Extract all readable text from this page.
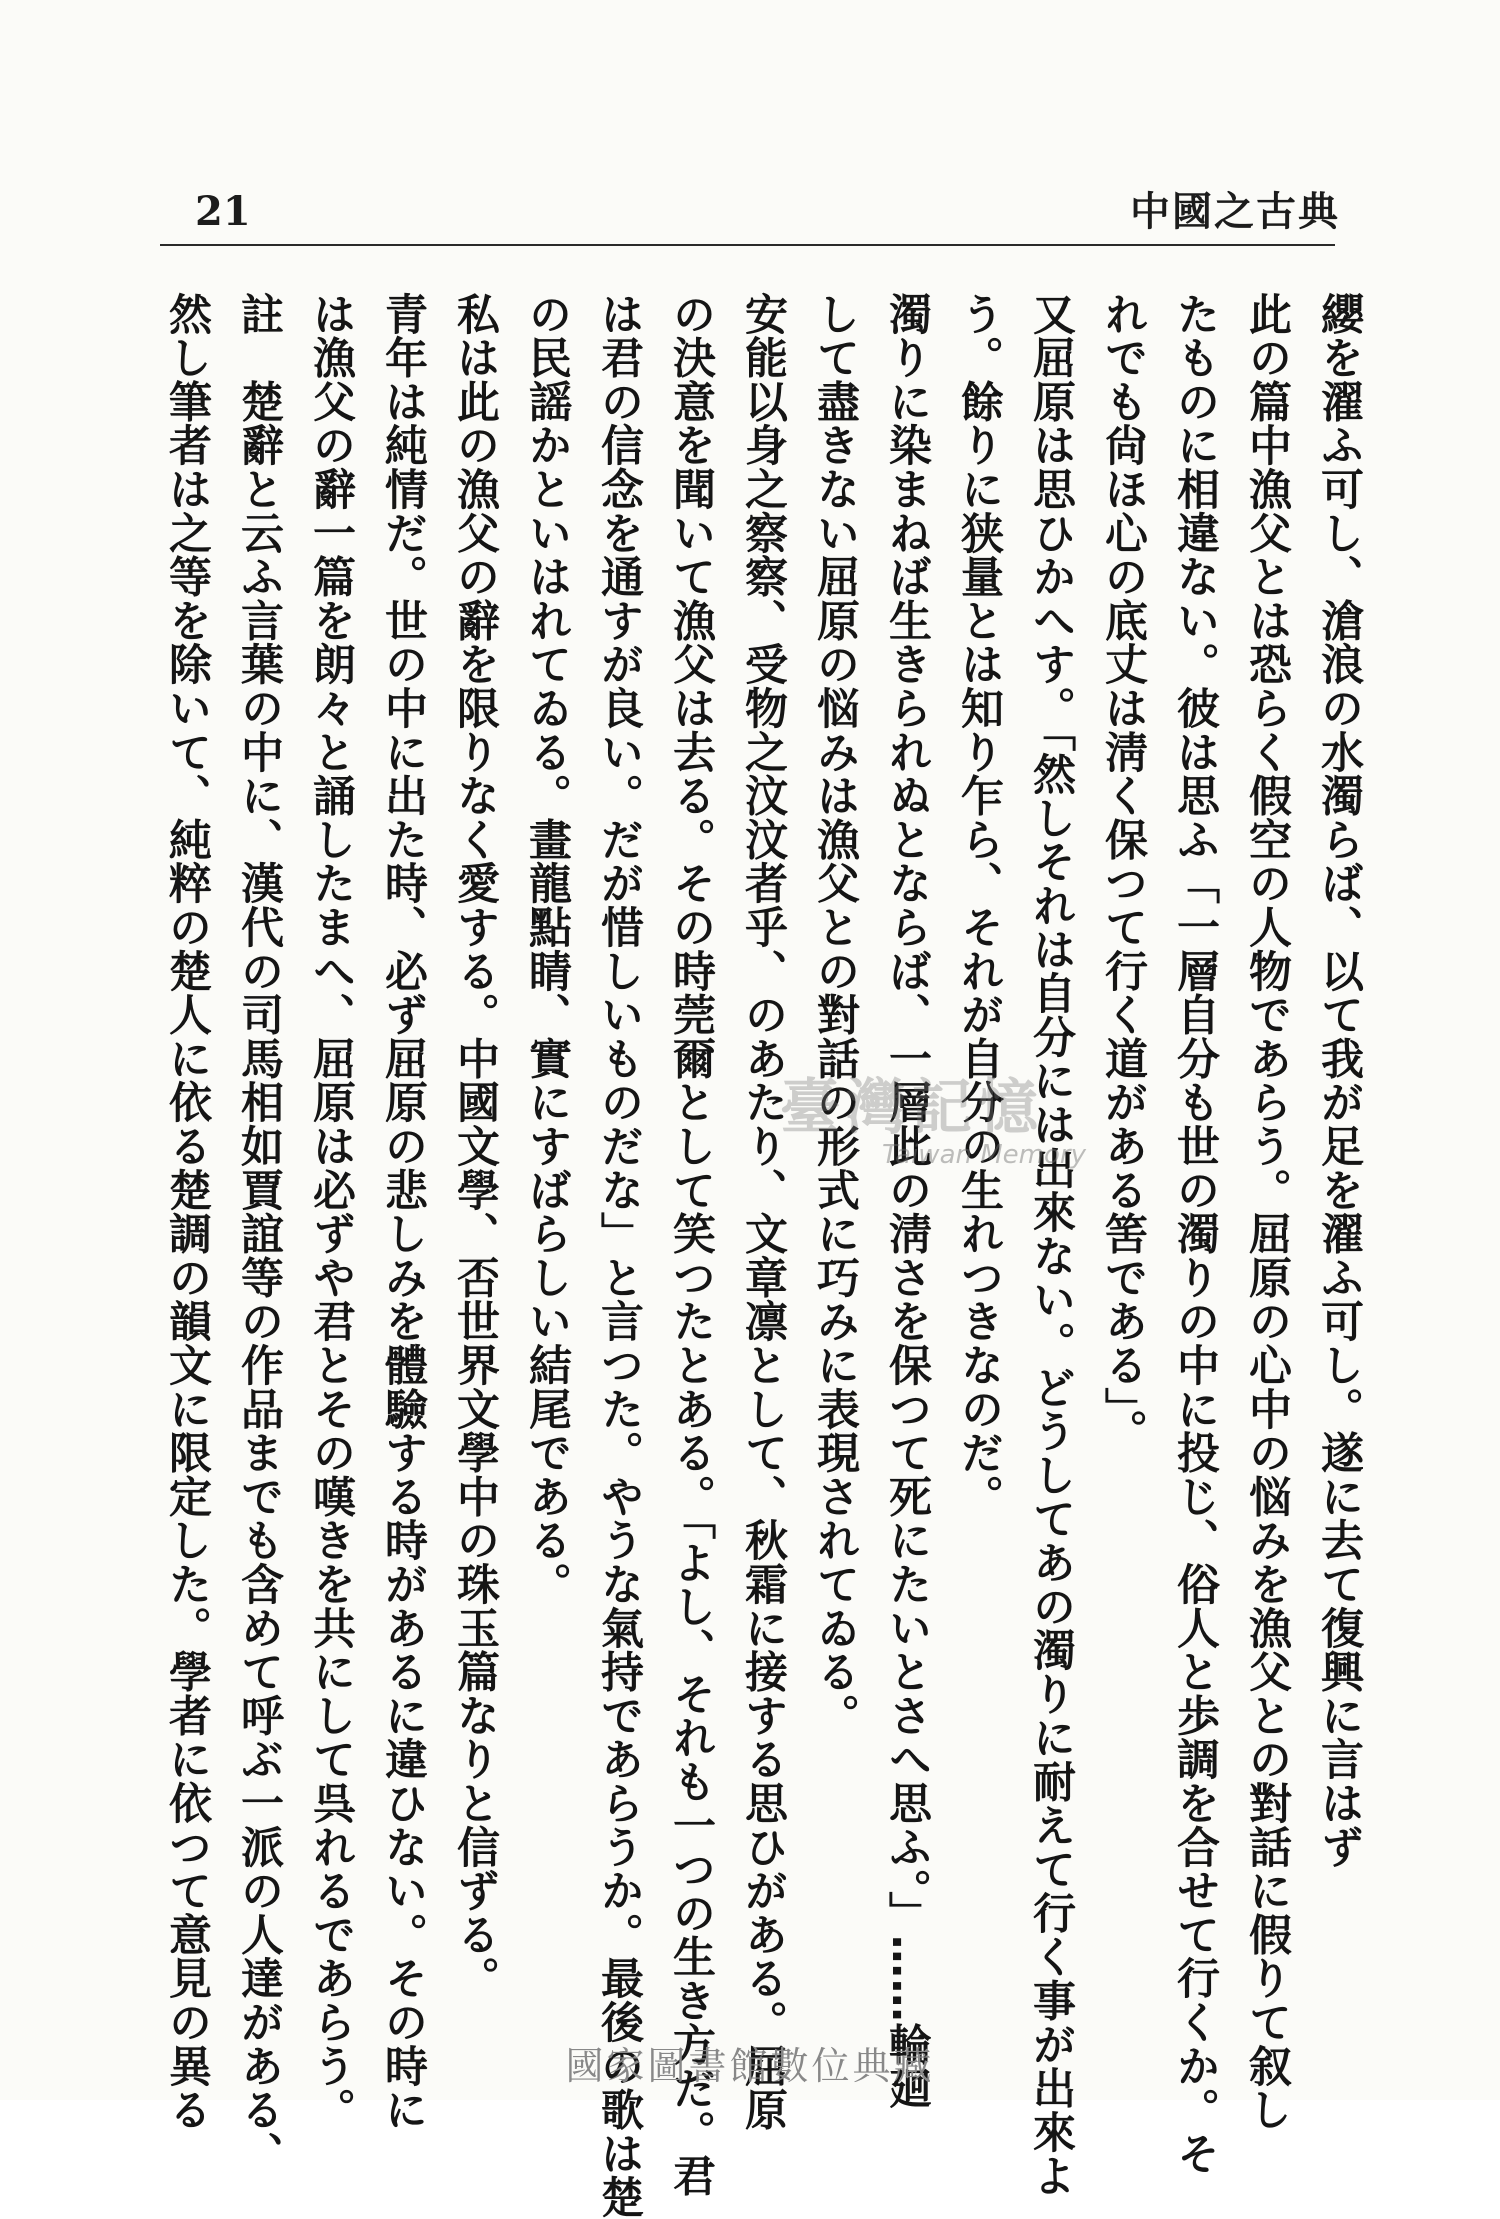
21	中國之古典
纓を濯ふ可し、滄浪の水濁らば、以て我が足を濯ふ可し。遂に去て復興に言はず
此の篇中漁父とは恐らく假空の人物であらう。屈原の心中の悩みを漁父との對話に假りて叙し
たものに相違ない。彼は思ふ「一層自分も世の濁りの中に投じ、俗人と歩調を合せて行くか。そ
れでも尙ほ心の底丈は淸く保つて行く道がある筈である」。
又屈原は思ひかへす。「然しそれは自分には出來ない。どうしてあの濁りに耐えて行く事が出來よ
う。餘りに狭量とは知り乍ら、それが自分の生れつきなのだ。
濁りに染まねば生きられぬとならば、一層此の淸さを保つて死にたいとさへ思ふ。」……輪廻
して盡きない屈原の悩みは漁父との對話の形式に巧みに表現されてゐる。
安能以身之察察、受物之汶汶者乎、のあたり、文章凛として、秋霜に接する思ひがある。屈原
の決意を聞いて漁父は去る。その時莞爾として笑つたとある。「よし、それも一つの生き方だ。君
は君の信念を通すが良い。だが惜しいものだな」と言つた。やうな氣持であらうか。最後の歌は楚
の民謡かといはれてゐる。畫龍點睛、實にすばらしい結尾である。
私は此の漁父の辭を限りなく愛する。中國文學、否世界文學中の珠玉篇なりと信ずる。
青年は純情だ。世の中に出た時、必ず屈原の悲しみを體驗する時があるに違ひない。その時に
は漁父の辭一篇を朗々と誦したまへ、屈原は必ずや君とその嘆きを共にして呉れるであらう。
註　楚辭と云ふ言葉の中に、漢代の司馬相如賈誼等の作品までも含めて呼ぶ一派の人達がある、
然し筆者は之等を除いて、純粹の楚人に依る楚調の韻文に限定した。學者に依つて意見の異る	臺灣記憶
Taiwan Memory
國家圖書館數位典藏
